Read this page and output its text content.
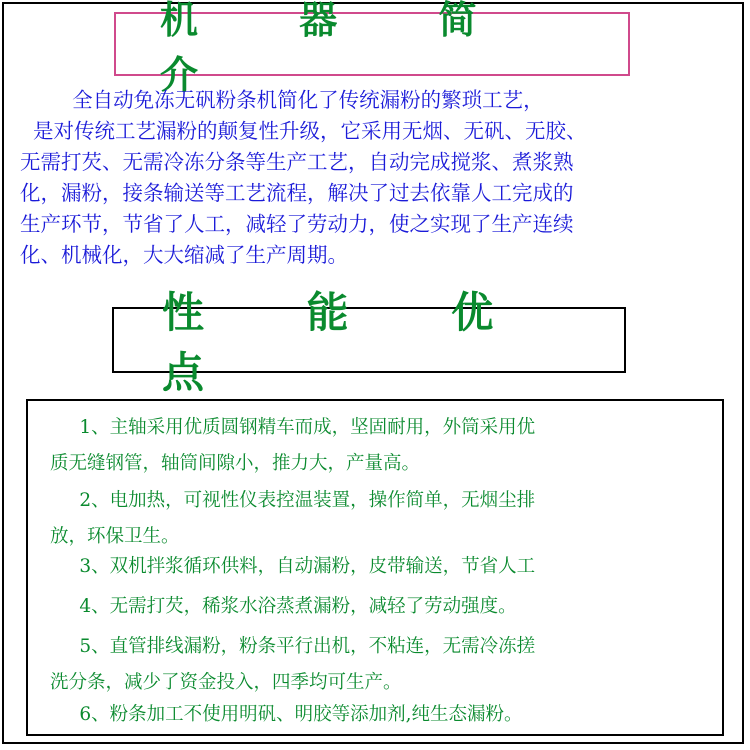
机 器 简 介
全自动免冻无矾粉条机简化了传统漏粉的繁琐工艺，
是对传统工艺漏粉的颠复性升级，它采用无烟、无矾、无胶、
无需打芡、无需冷冻分条等生产工艺，自动完成搅浆、煮浆熟
化，漏粉，接条输送等工艺流程，解决了过去依靠人工完成的
生产环节，节省了人工，减轻了劳动力，使之实现了生产连续
化、机械化，大大缩减了生产周期。
性 能 优 点
1、主轴采用优质圆钢精车而成，坚固耐用，外筒采用优
质无缝钢管，轴筒间隙小，推力大，产量高。
2、电加热，可视性仪表控温装置，操作简单，无烟尘排
放，环保卫生。
3、双机拌浆循环供料，自动漏粉，皮带输送，节省人工
4、无需打芡，稀浆水浴蒸煮漏粉，减轻了劳动强度。
5、直管排线漏粉，粉条平行出机，不粘连，无需冷冻搓
洗分条，减少了资金投入，四季均可生产。
6、粉条加工不使用明矾、明胶等添加剂,纯生态漏粉。
